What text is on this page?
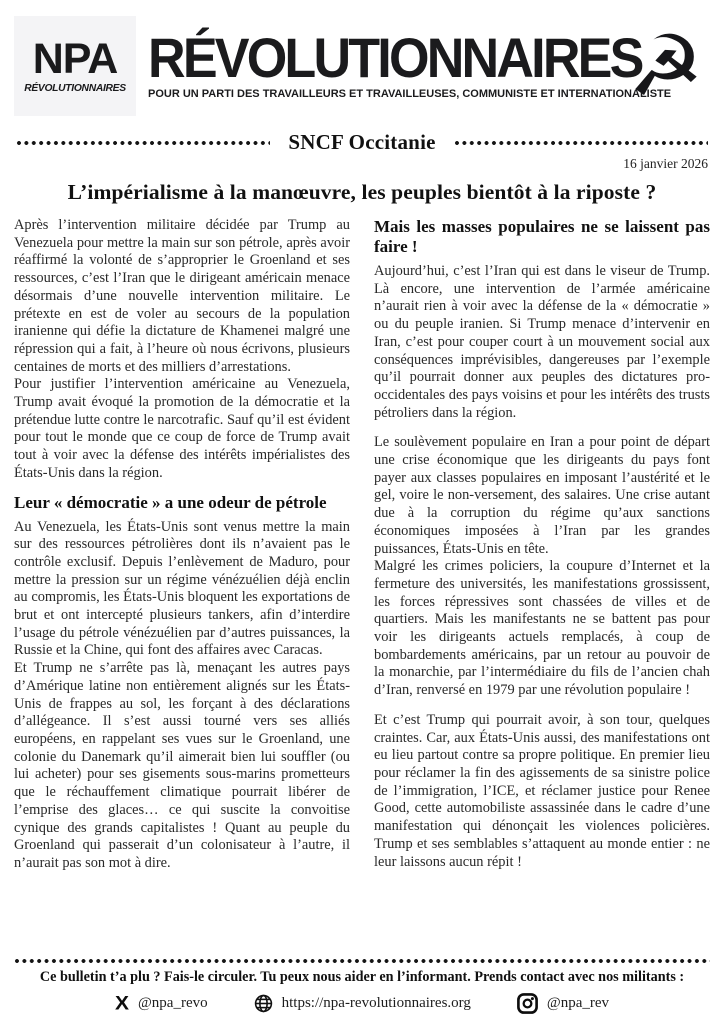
NPA
RÉVOLUTIONNAIRES RÉVOLUTIONNAIRES
POUR UN PARTI DES TRAVAILLEURS ET TRAVAILLEUSES, COMMUNISTE ET INTERNATIONALISTE
☭
SNCF Occitanie
16 janvier 2026
L’impérialisme à la manœuvre, les peuples bientôt à la riposte ?

Après l’intervention militaire décidée par Trump au Venezuela pour mettre la main sur son pétrole, après avoir réaffirmé la volonté de s’approprier le Groenland et ses ressources, c’est l’Iran que le dirigeant américain menace désormais d’une nouvelle intervention militaire. Le prétexte en est de voler au secours de la population iranienne qui défie la dictature de Khamenei malgré une répression qui a fait, à l’heure où nous écrivons, plusieurs centaines de morts et des milliers d’arrestations.

Pour justifier l’intervention américaine au Venezuela, Trump avait évoqué la promotion de la démocratie et la prétendue lutte contre le narcotrafic. Sauf qu’il est évident pour tout le monde que ce coup de force de Trump avait tout à voir avec la défense des intérêts impérialistes des États-Unis dans la région.

Leur « démocratie » a une odeur de pétrole

Au Venezuela, les États-Unis sont venus mettre la main sur des ressources pétrolières dont ils n’avaient pas le contrôle exclusif. Depuis l’enlèvement de Maduro, pour mettre la pression sur un régime vénézuélien déjà enclin au compromis, les États-Unis bloquent les exportations de brut et ont intercepté plusieurs tankers, afin d’interdire l’usage du pétrole vénézuélien par d’autres puissances, la Russie et la Chine, qui font des affaires avec Caracas.

Et Trump ne s’arrête pas là, menaçant les autres pays d’Amérique latine non entièrement alignés sur les États-Unis de frappes au sol, les forçant à des déclarations d’allégeance. Il s’est aussi tourné vers ses alliés européens, en rappelant ses vues sur le Groenland, une colonie du Danemark qu’il aimerait bien lui souffler (ou lui acheter) pour ses gisements sous-marins prometteurs que le réchauffement climatique pourrait libérer de l’emprise des glaces… ce qui suscite la convoitise cynique des grands capitalistes ! Quant au peuple du Groenland qui passerait d’un colonisateur à l’autre, il n’aurait pas son mot à dire.

Mais les masses populaires ne se laissent pas faire !

Aujourd’hui, c’est l’Iran qui est dans le viseur de Trump. Là encore, une intervention de l’armée américaine n’aurait rien à voir avec la défense de la « démocratie » ou du peuple iranien. Si Trump menace d’intervenir en Iran, c’est pour couper court à un mouvement social aux conséquences imprévisibles, dangereuses par l’exemple qu’il pourrait donner aux peuples des dictatures pro-occidentales des pays voisins et pour les intérêts des trusts pétroliers dans la région.

Le soulèvement populaire en Iran a pour point de départ une crise économique que les dirigeants du pays font payer aux classes populaires en imposant l’austérité et le gel, voire le non-versement, des salaires. Une crise autant due à la corruption du régime qu’aux sanctions économiques imposées à l’Iran par les grandes puissances, États-Unis en tête.

Malgré les crimes policiers, la coupure d’Internet et la fermeture des universités, les manifestations grossissent, les forces répressives sont chassées de villes et de quartiers. Mais les manifestants ne se battent pas pour voir les dirigeants actuels remplacés, à coup de bombardements américains, par un retour au pouvoir de la monarchie, par l’intermédiaire du fils de l’ancien chah d’Iran, renversé en 1979 par une révolution populaire !

Et c’est Trump qui pourrait avoir, à son tour, quelques craintes. Car, aux États-Unis aussi, des manifestations ont eu lieu partout contre sa propre politique. En premier lieu pour réclamer la fin des agissements de sa sinistre police de l’immigration, l’ICE, et réclamer justice pour Renee Good, cette automobiliste assassinée dans le cadre d’une manifestation qui dénonçait les violences policières. Trump et ses semblables s’attaquent au monde entier : ne leur laissons aucun répit !

Ce bulletin t’a plu ? Fais-le circuler. Tu peux nous aider en l’informant. Prends contact avec nos militants :
X @npa_revo	https://npa-revolutionnaires.org	@npa_rev
